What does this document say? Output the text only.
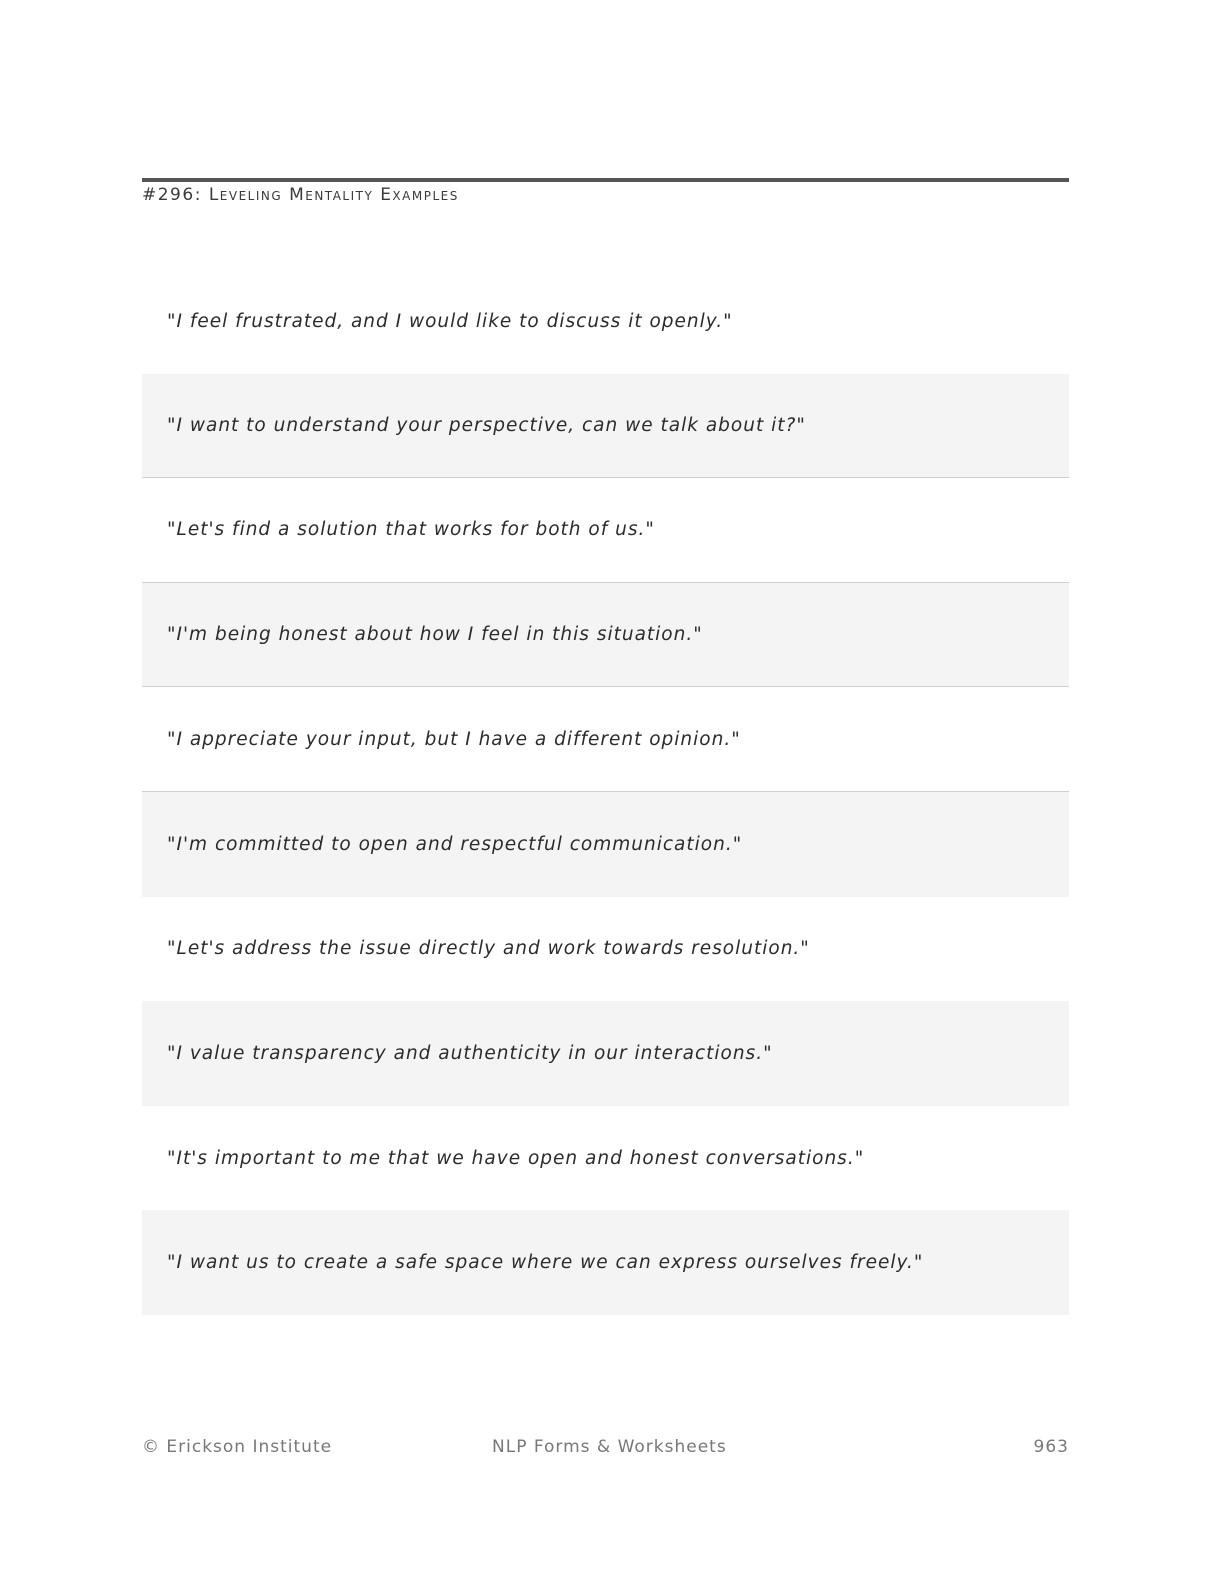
#296: Leveling Mentality Examples
"I feel frustrated, and I would like to discuss it openly."
"I want to understand your perspective, can we talk about it?"
"Let's find a solution that works for both of us."
"I'm being honest about how I feel in this situation."
"I appreciate your input, but I have a different opinion."
"I'm committed to open and respectful communication."
"Let's address the issue directly and work towards resolution."
"I value transparency and authenticity in our interactions."
"It's important to me that we have open and honest conversations."
"I want us to create a safe space where we can express ourselves freely."
© Erickson Institute	NLP Forms & Worksheets	963
